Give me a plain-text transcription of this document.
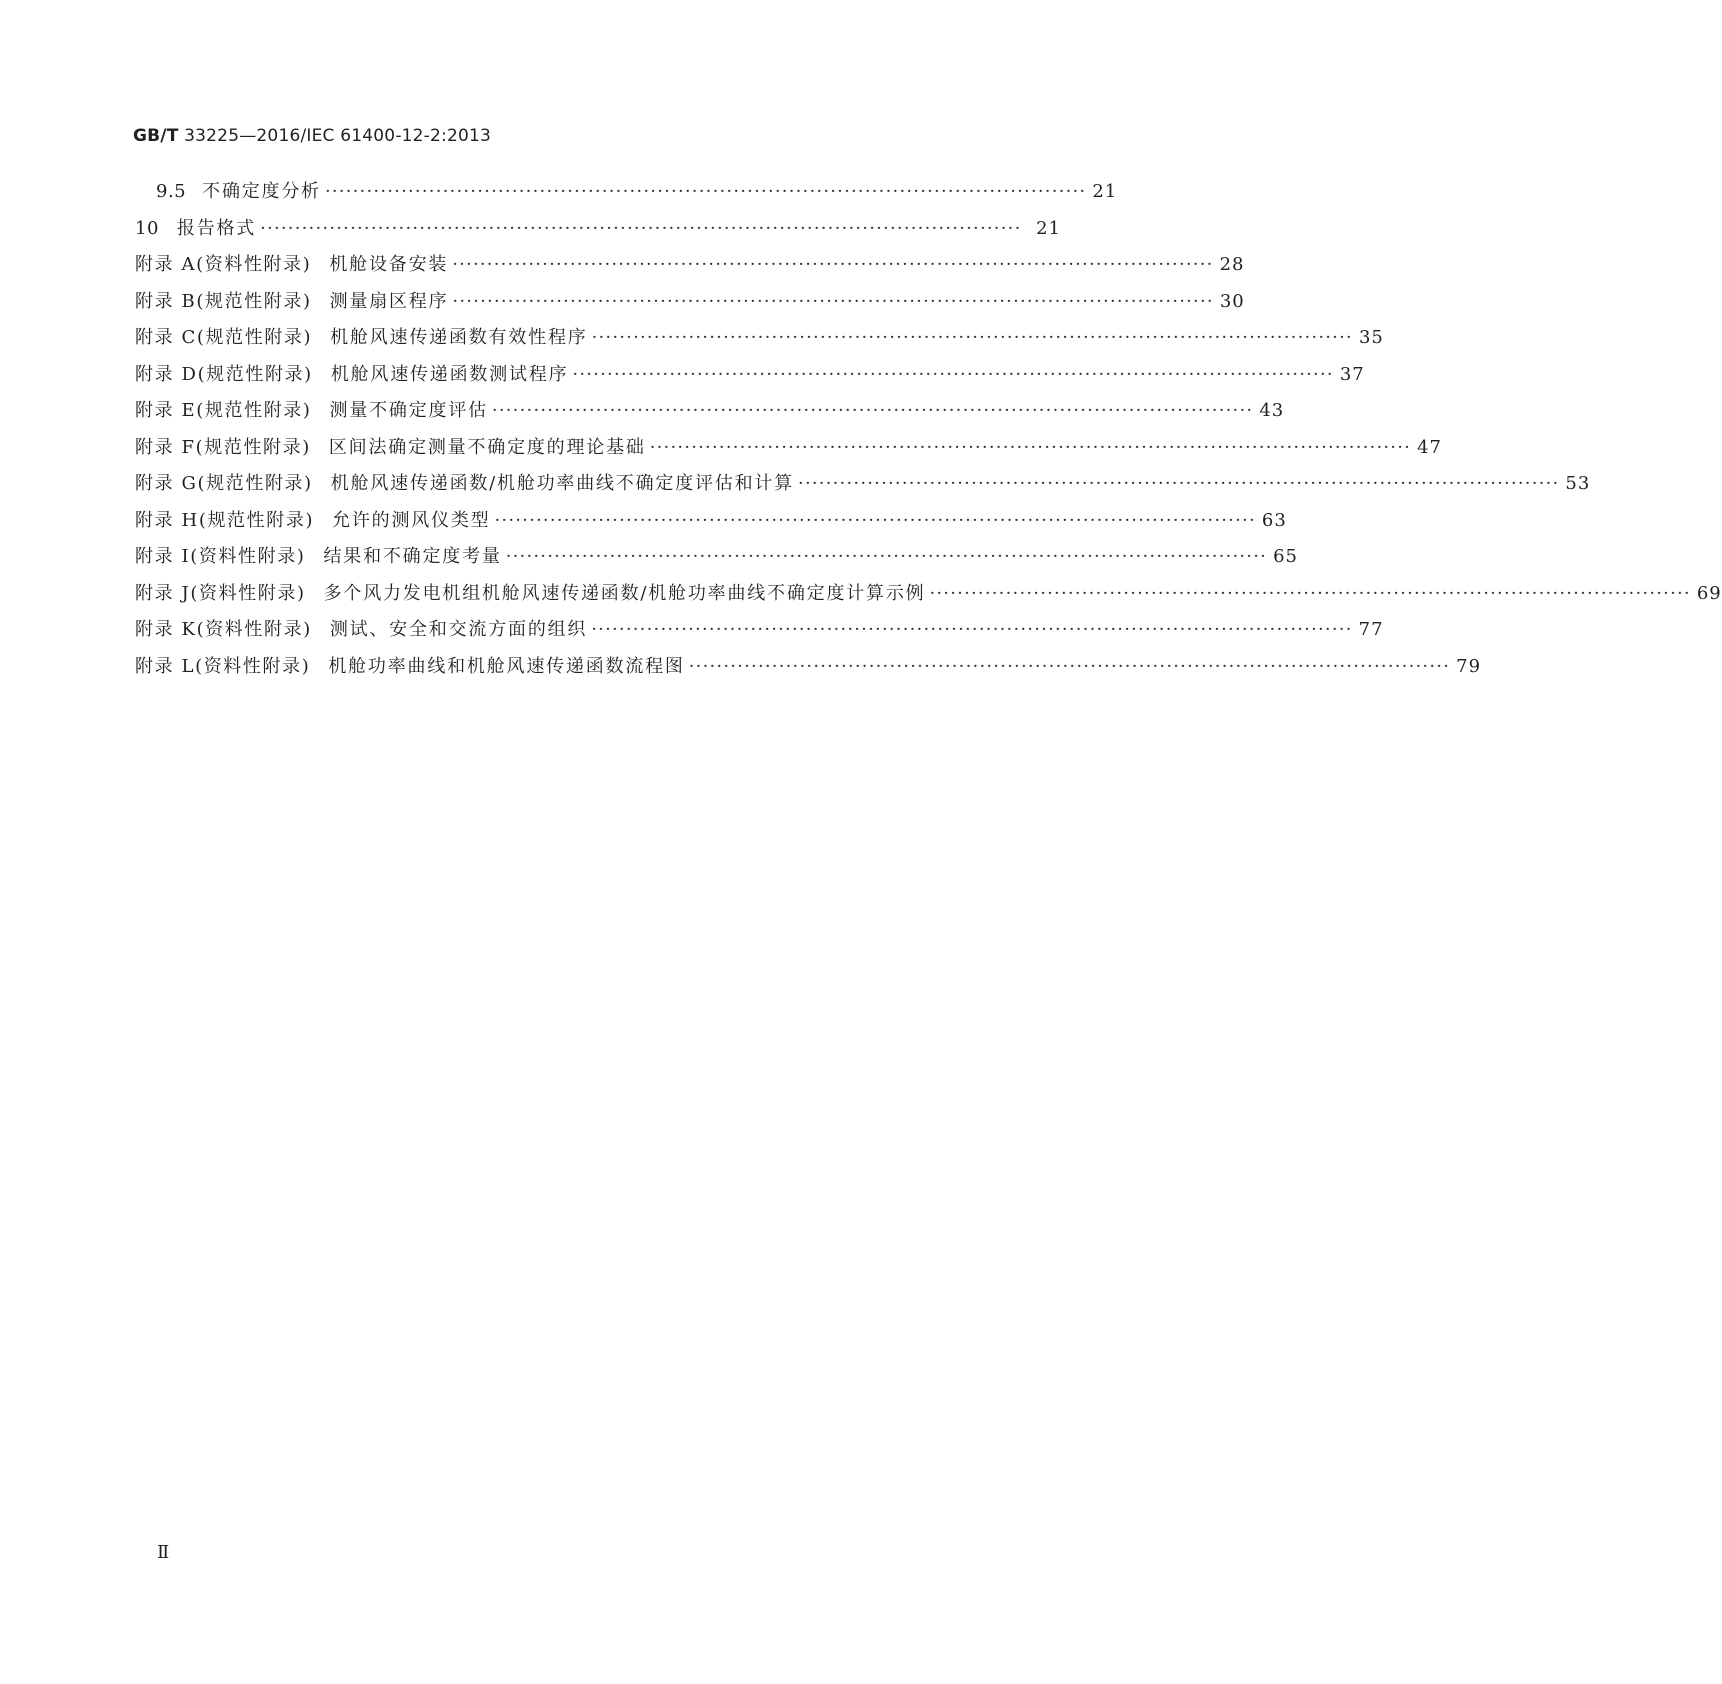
GB/T 33225—2016/IEC 61400-12-2:2013
9.5 不确定度分析 ·············································································································· 21
10 报告格式 ·············································································································· 21
附录 A (资料性附录) 机舱设备安装 ·············································································································· 28
附录 B (规范性附录) 测量扇区程序 ·············································································································· 30
附录 C (规范性附录) 机舱风速传递函数有效性程序 ·············································································································· 35
附录 D (规范性附录) 机舱风速传递函数测试程序 ·············································································································· 37
附录 E (规范性附录) 测量不确定度评估 ·············································································································· 43
附录 F (规范性附录) 区间法确定测量不确定度的理论基础 ·············································································································· 47
附录 G (规范性附录) 机舱风速传递函数/机舱功率曲线不确定度评估和计算 ·············································································································· 53
附录 H (规范性附录) 允许的测风仪类型 ·············································································································· 63
附录 I (资料性附录) 结果和不确定度考量 ·············································································································· 65
附录 J (资料性附录) 多个风力发电机组机舱风速传递函数/机舱功率曲线不确定度计算示例 ·············································································································· 69
附录 K (资料性附录) 测试、安全和交流方面的组织 ·············································································································· 77
附录 L (资料性附录) 机舱功率曲线和机舱风速传递函数流程图 ·············································································································· 79
Ⅱ
